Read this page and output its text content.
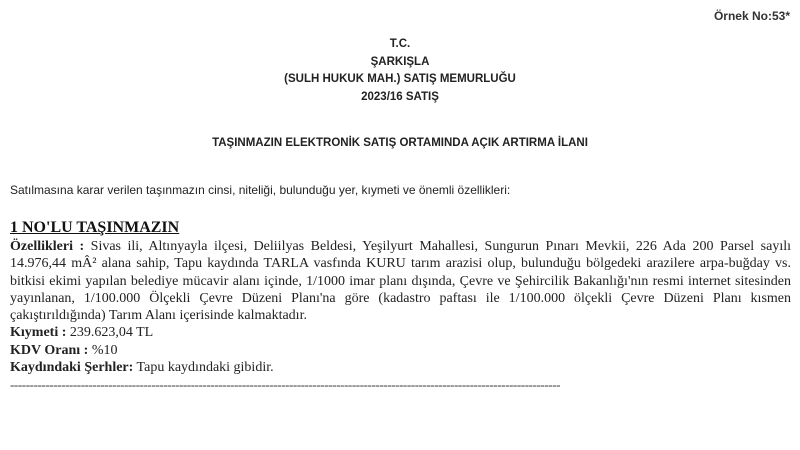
Örnek No:53*
T.C.
ŞARKIŞLA
(SULH HUKUK MAH.) SATIŞ MEMURLUĞU
2023/16 SATIŞ
TAŞINMAZIN ELEKTRONİK SATIŞ ORTAMINDA AÇIK ARTIRMA İLANI
Satılmasına karar verilen taşınmazın cinsi, niteliği, bulunduğu yer, kıymeti ve önemli özellikleri:
1 NO'LU TAŞINMAZIN
Özellikleri : Sivas ili, Altınyayla ilçesi, Deliilyas Beldesi, Yeşilyurt Mahallesi, Sungurun Pınarı Mevkii, 226 Ada 200 Parsel sayılı 14.976,44 mÂ² alana sahip, Tapu kaydında TARLA vasfında KURU tarım arazisi olup, bulunduğu bölgedeki arazilere arpa-buğday vs. bitkisi ekimi yapılan belediye mücavir alanı içinde, 1/1000 imar planı dışında, Çevre ve Şehircilik Bakanlığı'nın resmi internet sitesinden yayınlanan, 1/100.000 Ölçekli Çevre Düzeni Planı'na göre (kadastro paftası ile 1/100.000 ölçekli Çevre Düzeni Planı kısmen çakıştırıldığında) Tarım Alanı içerisinde kalmaktadır.
Kıymeti : 239.623,04 TL
KDV Oranı : %10
Kaydındaki Şerhler: Tapu kaydındaki gibidir.
--------------------------------------------------------------------------------------------------------------------------------------------
